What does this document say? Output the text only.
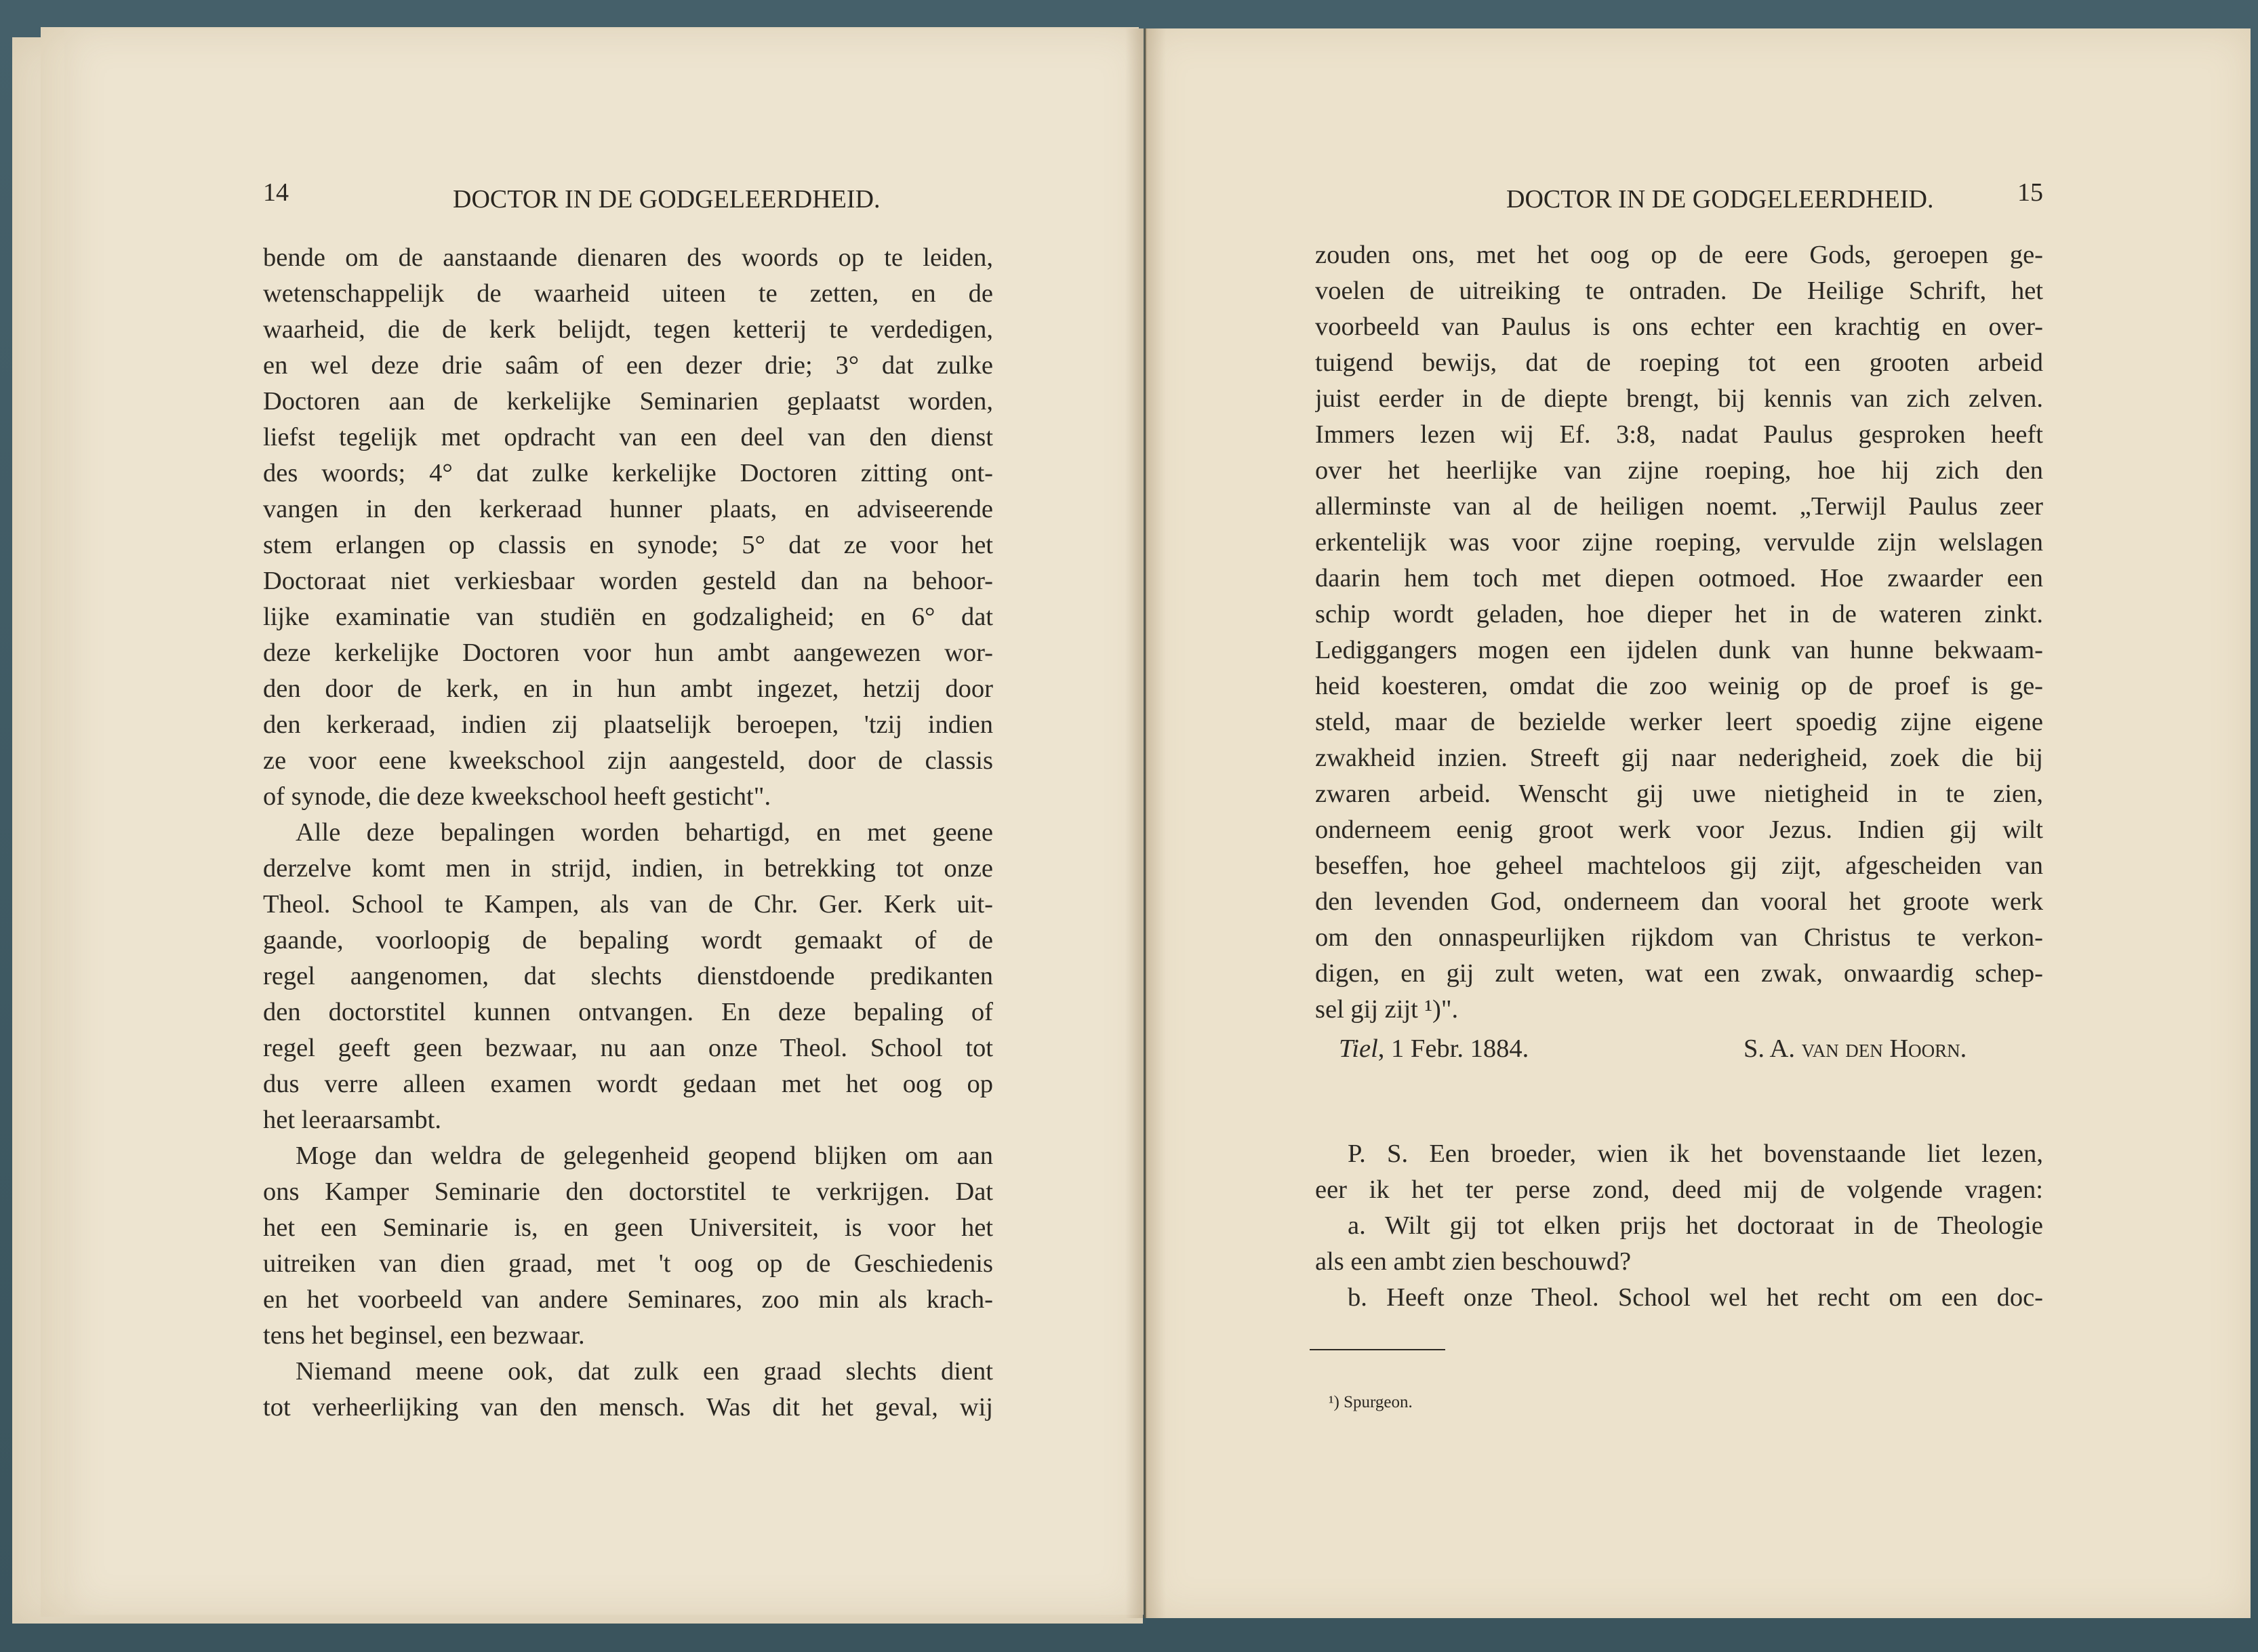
14	DOCTOR IN DE GODGELEERDHEID.
bende om de aanstaande dienaren des woords op te leiden,
wetenschappelijk de waarheid uiteen te zetten, en de
waarheid, die de kerk belijdt, tegen ketterij te verdedigen,
en wel deze drie saâm of een dezer drie; 3° dat zulke
Doctoren aan de kerkelijke Seminarien geplaatst worden,
liefst tegelijk met opdracht van een deel van den dienst
des woords; 4° dat zulke kerkelijke Doctoren zitting ont-
vangen in den kerkeraad hunner plaats, en adviseerende
stem erlangen op classis en synode; 5° dat ze voor het
Doctoraat niet verkiesbaar worden gesteld dan na behoor-
lijke examinatie van studiën en godzaligheid; en 6° dat
deze kerkelijke Doctoren voor hun ambt aangewezen wor-
den door de kerk, en in hun ambt ingezet, hetzij door
den kerkeraad, indien zij plaatselijk beroepen, 'tzij indien
ze voor eene kweekschool zijn aangesteld, door de classis
of synode, die deze kweekschool heeft gesticht".
Alle deze bepalingen worden behartigd, en met geene
derzelve komt men in strijd, indien, in betrekking tot onze
Theol. School te Kampen, als van de Chr. Ger. Kerk uit-
gaande, voorloopig de bepaling wordt gemaakt of de
regel aangenomen, dat slechts dienstdoende predikanten
den doctorstitel kunnen ontvangen. En deze bepaling of
regel geeft geen bezwaar, nu aan onze Theol. School tot
dus verre alleen examen wordt gedaan met het oog op
het leeraarsambt.
Moge dan weldra de gelegenheid geopend blijken om aan
ons Kamper Seminarie den doctorstitel te verkrijgen. Dat
het een Seminarie is, en geen Universiteit, is voor het
uitreiken van dien graad, met 't oog op de Geschiedenis
en het voorbeeld van andere Seminares, zoo min als krach-
tens het beginsel, een bezwaar.
Niemand meene ook, dat zulk een graad slechts dient
tot verheerlijking van den mensch. Was dit het geval, wij
DOCTOR IN DE GODGELEERDHEID.	15
zouden ons, met het oog op de eere Gods, geroepen ge-
voelen de uitreiking te ontraden. De Heilige Schrift, het
voorbeeld van Paulus is ons echter een krachtig en over-
tuigend bewijs, dat de roeping tot een grooten arbeid
juist eerder in de diepte brengt, bij kennis van zich zelven.
Immers lezen wij Ef. 3:8, nadat Paulus gesproken heeft
over het heerlijke van zijne roeping, hoe hij zich den
allerminste van al de heiligen noemt. „Terwijl Paulus zeer
erkentelijk was voor zijne roeping, vervulde zijn welslagen
daarin hem toch met diepen ootmoed. Hoe zwaarder een
schip wordt geladen, hoe dieper het in de wateren zinkt.
Lediggangers mogen een ijdelen dunk van hunne bekwaam-
heid koesteren, omdat die zoo weinig op de proef is ge-
steld, maar de bezielde werker leert spoedig zijne eigene
zwakheid inzien. Streeft gij naar nederigheid, zoek die bij
zwaren arbeid. Wenscht gij uwe nietigheid in te zien,
onderneem eenig groot werk voor Jezus. Indien gij wilt
beseffen, hoe geheel machteloos gij zijt, afgescheiden van
den levenden God, onderneem dan vooral het groote werk
om den onnaspeurlijken rijkdom van Christus te verkon-
digen, en gij zult weten, wat een zwak, onwaardig schep-
sel gij zijt ¹)".
Tiel, 1 Febr. 1884.	S. A. van den Hoorn.
P. S. Een broeder, wien ik het bovenstaande liet lezen,
eer ik het ter perse zond, deed mij de volgende vragen:
a. Wilt gij tot elken prijs het doctoraat in de Theologie
als een ambt zien beschouwd?
b. Heeft onze Theol. School wel het recht om een doc-
¹) Spurgeon.
